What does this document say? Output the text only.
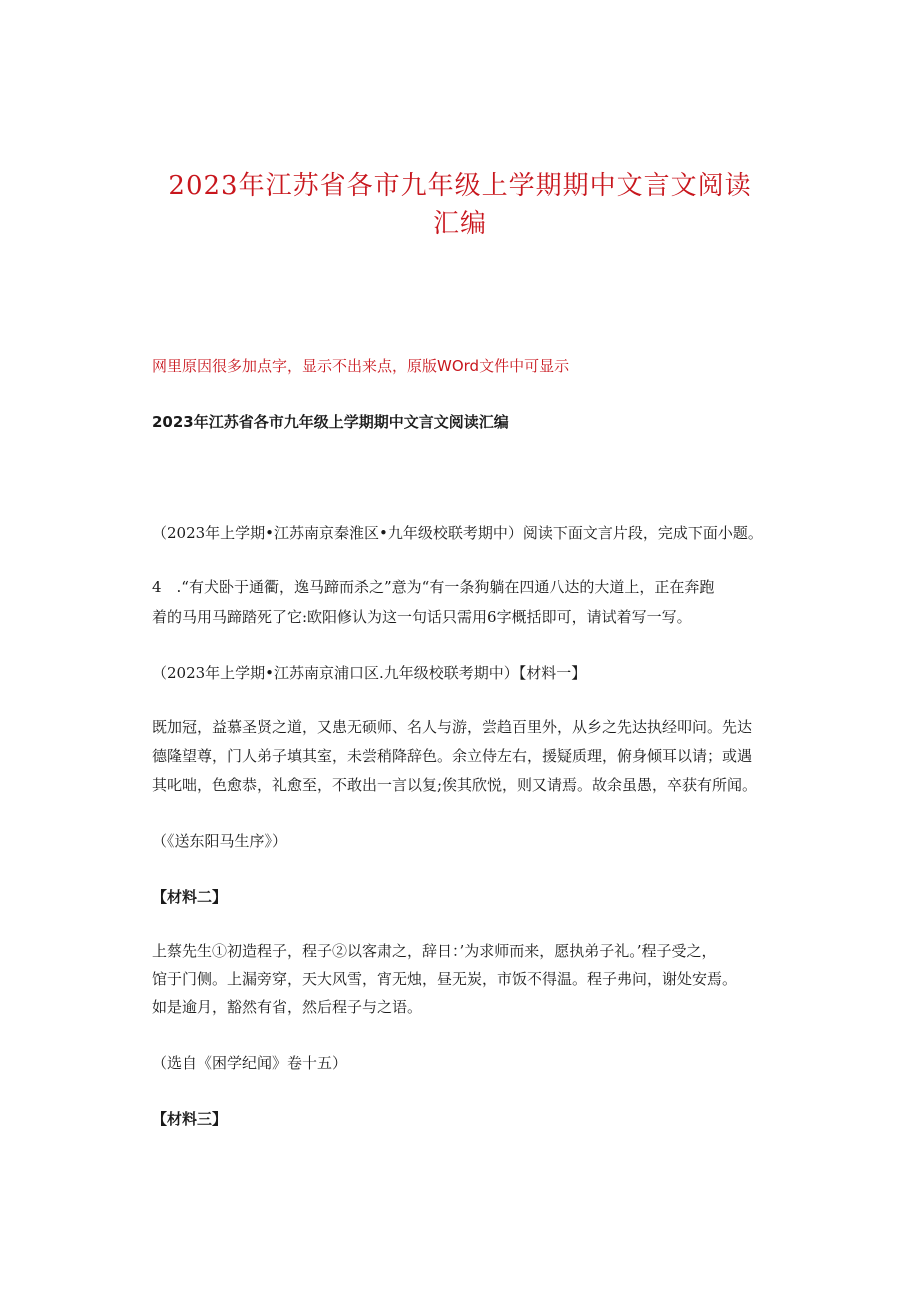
2023年江苏省各市九年级上学期期中文言文阅读
汇编
网里原因很多加点字，显示不出来点，原版WOrd文件中可显示
2023年江苏省各市九年级上学期期中文言文阅读汇编
（2023年上学期•江苏南京秦淮区•九年级校联考期中）阅读下面文言片段，完成下面小题。
4　.“有犬卧于通衢，逸马蹄而杀之”意为“有一条狗躺在四通八达的大道上，正在奔跑
着的马用马蹄踏死了它:欧阳修认为这一句话只需用6字概括即可，请试着写一写。
（2023年上学期•江苏南京浦口区.九年级校联考期中）【材料一】
既加冠，益慕圣贤之道，又患无硕师、名人与游，尝趋百里外，从乡之先达执经叩问。先达
德隆望尊，门人弟子填其室，未尝稍降辞色。余立侍左右，援疑质理，俯身倾耳以请；或遇
其叱咄，色愈恭，礼愈至，不敢出一言以复;俟其欣悦，则又请焉。故余虽愚，卒获有所闻。
（《送东阳马生序》）
【材料二】
上蔡先生①初造程子，程子②以客肃之，辞日：’为求师而来，愿执弟子礼。’程子受之，
馆于门侧。上漏旁穿，天大风雪，宵无烛，昼无炭，市饭不得温。程子弗问，谢处安焉。
如是逾月，豁然有省，然后程子与之语。
（选自《困学纪闻》卷十五）
【材料三】
